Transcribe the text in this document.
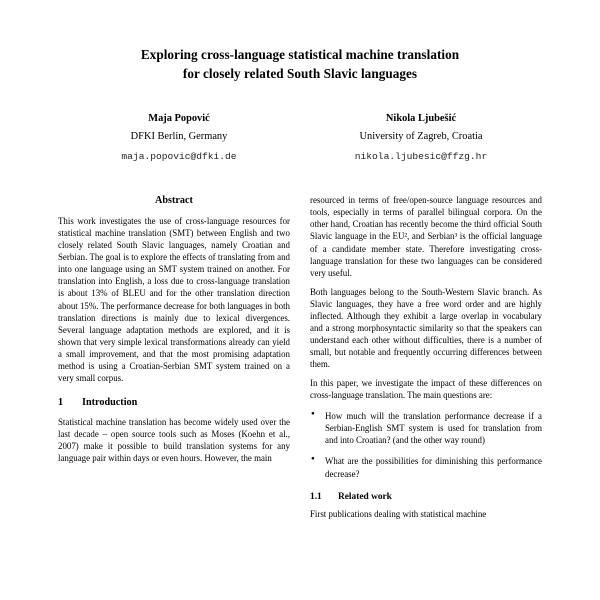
Exploring cross-language statistical machine translation
for closely related South Slavic languages
Maja Popović
DFKI Berlin, Germany
maja.popovic@dfki.de
Nikola Ljubešić
University of Zagreb, Croatia
nikola.ljubesic@ffzg.hr
Abstract

This work investigates the use of cross-language resources for statistical machine translation (SMT) between English and two closely related South Slavic languages, namely Croatian and Serbian. The goal is to explore the effects of translating from and into one language using an SMT system trained on another. For translation into English, a loss due to cross-language translation is about 13% of BLEU and for the other translation direction about 15%. The performance decrease for both languages in both translation directions is mainly due to lexical divergences. Several language adaptation methods are explored, and it is shown that very simple lexical transformations already can yield a small improvement, and that the most promising adaptation method is using a Croatian-Serbian SMT system trained on a very small corpus.

1	Introduction

Statistical machine translation has become widely used over the last decade – open source tools such as Moses (Koehn et al., 2007) make it possible to build translation systems for any language pair within days or even hours. However, the main

resourced in terms of free/open-source language resources and tools, especially in terms of parallel bilingual corpora. On the other hand, Croatian has recently become the third official South Slavic language in the EU², and Serbian³ is the official language of a candidate member state. Therefore investigating cross-language translation for these two languages can be considered very useful.

Both languages belong to the South-Western Slavic branch. As Slavic languages, they have a free word order and are highly inflected. Although they exhibit a large overlap in vocabulary and a strong morphosyntactic similarity so that the speakers can understand each other without difficulties, there is a number of small, but notable and frequently occurring differences between them.

In this paper, we investigate the impact of these differences on cross-language translation. The main questions are:

● How much will the translation performance decrease if a Serbian-English SMT system is used for translation from and into Croatian? (and the other way round)
● What are the possibilities for diminishing this performance decrease?
1.1	Related work

First publications dealing with statistical machine
